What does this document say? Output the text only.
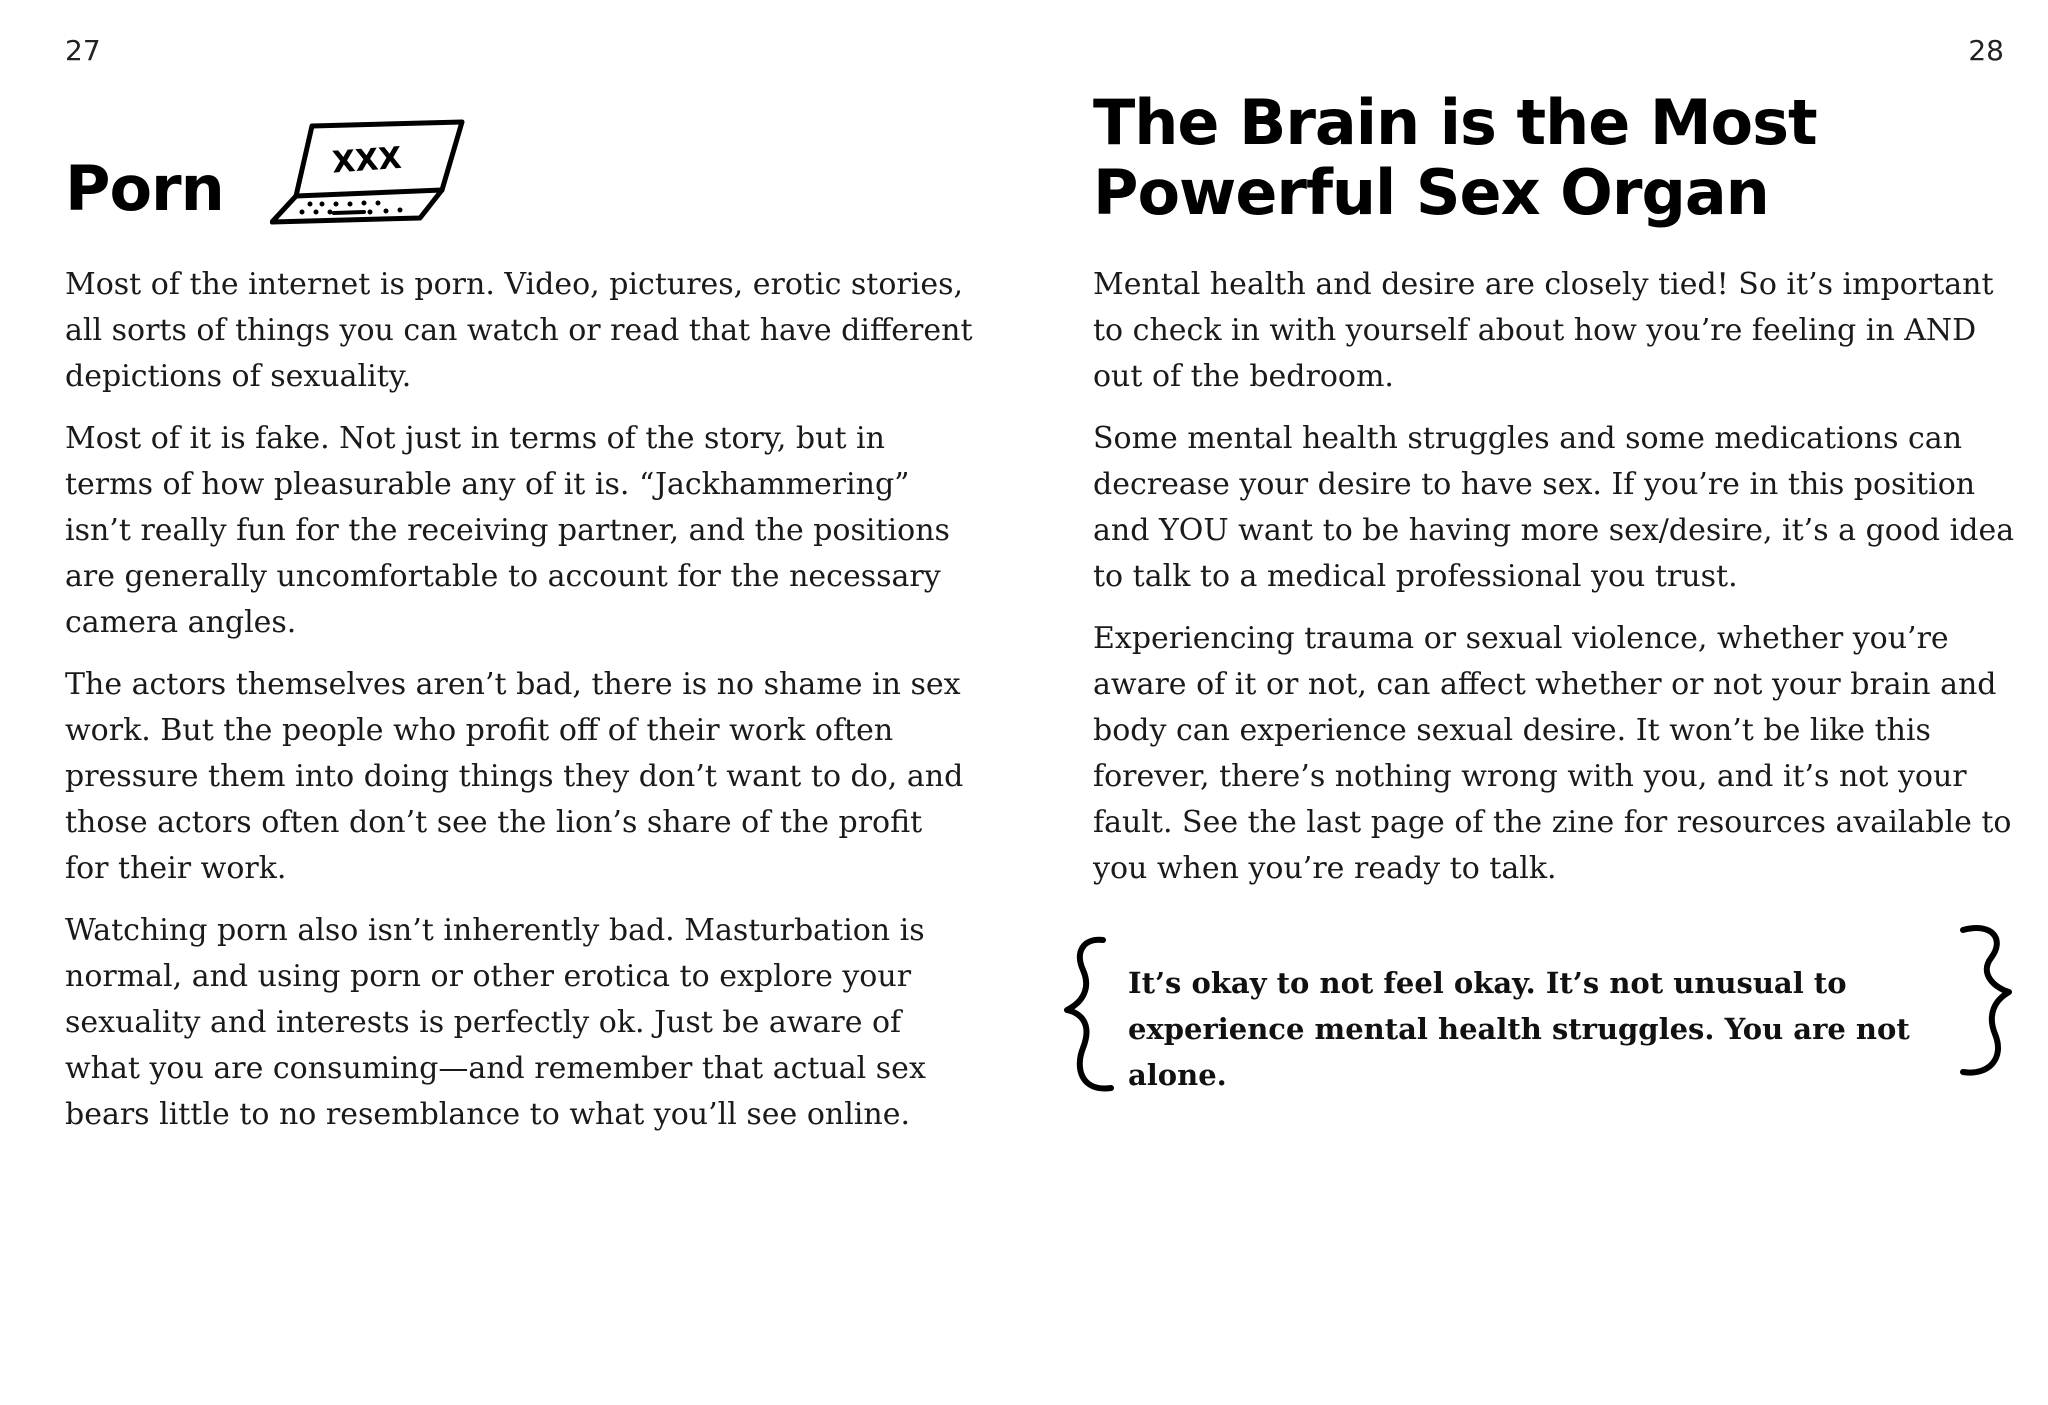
27	28
Porn	XXX

Most of the internet is porn. Video, pictures, erotic stories, all sorts of things you can watch or read that have different depictions of sexuality.

Most of it is fake. Not just in terms of the story, but in terms of how pleasurable any of it is. “Jackhammering” isn’t really fun for the receiving partner, and the positions are generally uncomfortable to account for the necessary camera angles.

The actors themselves aren’t bad, there is no shame in sex work. But the people who profit off of their work often pressure them into doing things they don’t want to do, and those actors often don’t see the lion’s share of the profit for their work.

Watching porn also isn’t inherently bad. Masturbation is normal, and using porn or other erotica to explore your sexuality and interests is perfectly ok. Just be aware of what you are consuming—and remember that actual sex bears little to no resemblance to what you’ll see online.

The Brain is the Most
Powerful Sex Organ

Mental health and desire are closely tied! So it’s important to check in with yourself about how you’re feeling in AND out of the bedroom.

Some mental health struggles and some medications can decrease your desire to have sex. If you’re in this position and YOU want to be having more sex/desire, it’s a good idea to talk to a medical professional you trust.

Experiencing trauma or sexual violence, whether you’re aware of it or not, can affect whether or not your brain and body can experience sexual desire. It won’t be like this forever, there’s nothing wrong with you, and it’s not your fault. See the last page of the zine for resources available to you when you’re ready to talk.

It’s okay to not feel okay. It’s not unusual to experience mental health struggles. You are not alone.
